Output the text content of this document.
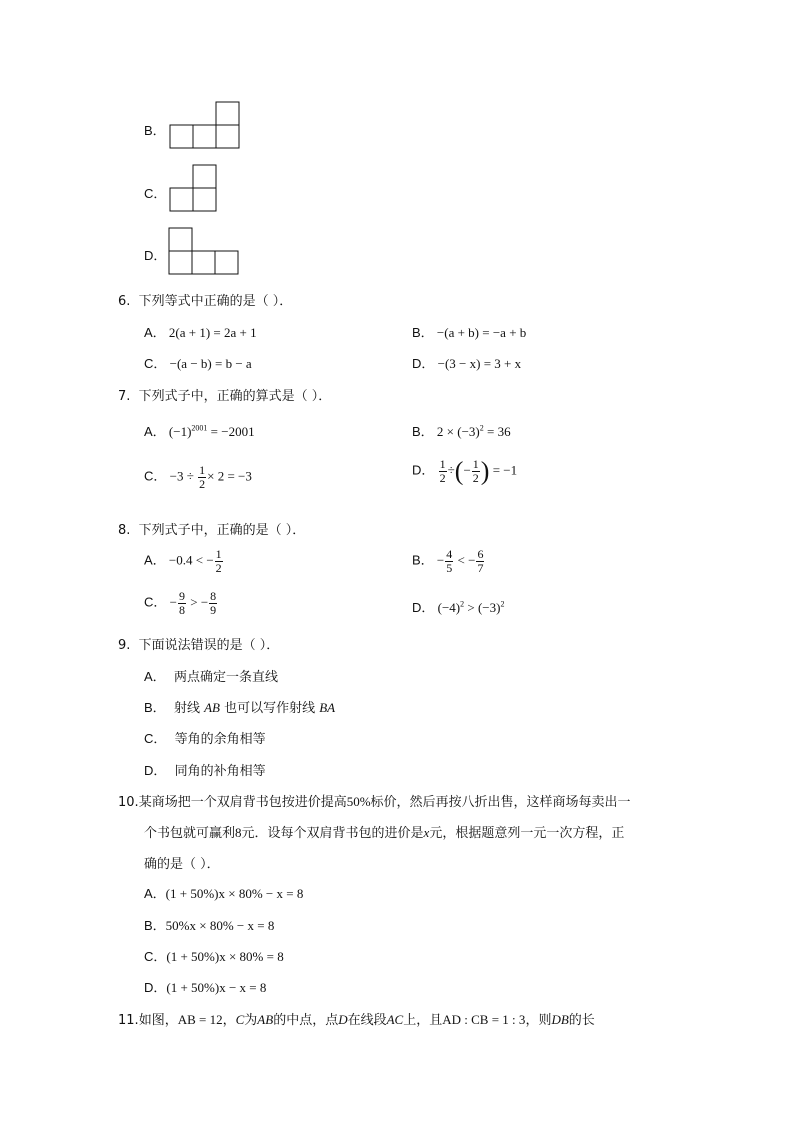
B．
C．
D．
6. 下列等式中正确的是（ ）．
A． 2(a + 1) = 2a + 1	B． −(a + b) = −a + b
C． −(a − b) = b − a	D． −(3 − x) = 3 + x
7. 下列式子中，正确的算式是（ ）．
A． $(-1)^{2001} = -2001$	B． $2 \times (-3)^2 = 36$
C． $-3 \div \frac{1}{2} \times 2 = -3$	D． $\frac{1}{2}$ ÷(− $\frac{1}{2}$ ) = −1
8. 下列式子中，正确的是（ ）．
A． −0.4 < − $\frac{1}{2}$	B． − $\frac{4}{5}$ < − $\frac{6}{7}$
C． − $\frac{9}{8}$ > − $\frac{8}{9}$	D． $(-4)^2 > (-3)^2$
9. 下面说法错误的是（ ）．
A． 两点确定一条直线
B． 射线 AB 也可以写作射线 BA
C． 等角的余角相等
D． 同角的补角相等
10.某商场把一个双肩背书包按进价提高50%标价，然后再按八折出售，这样商场每卖出一
个书包就可赢利8元．设每个双肩背书包的进价是x元，根据题意列一元一次方程，正
确的是（ ）．
A．(1 + 50%)x × 80% − x = 8
B．50%x × 80% − x = 8
C．(1 + 50%)x × 80% = 8
D．(1 + 50%)x − x = 8
11.如图，AB = 12，C为AB的中点，点D在线段AC上，且AD : CB = 1 : 3，则DB的长
